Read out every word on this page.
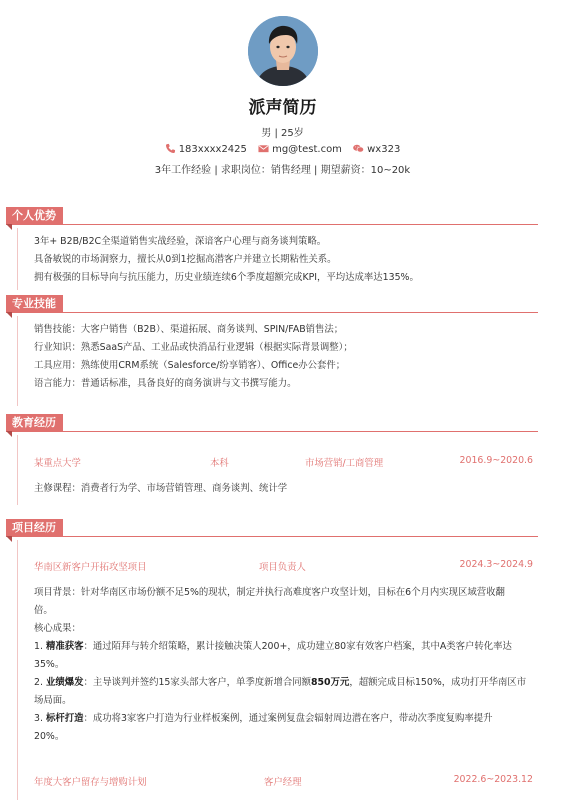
派声简历
男 | 25岁
183xxxx2425	mg@test.com	wx323
3年工作经验 | 求职岗位：销售经理 | 期望薪资：10~20k
个人优势
3年+ B2B/B2C全渠道销售实战经验，深谙客户心理与商务谈判策略。
具备敏锐的市场洞察力，擅长从0到1挖掘高潜客户并建立长期粘性关系。
拥有极强的目标导向与抗压能力，历史业绩连续6个季度超额完成KPI，平均达成率达135%。
专业技能
销售技能：大客户销售（B2B）、渠道拓展、商务谈判、SPIN/FAB销售法；
行业知识：熟悉SaaS产品、工业品或快消品行业逻辑（根据实际背景调整）；
工具应用：熟练使用CRM系统（Salesforce/纷享销客）、Office办公套件；
语言能力：普通话标准，具备良好的商务演讲与文书撰写能力。
教育经历
某重点大学	本科	市场营销/工商管理	2016.9~2020.6
主修课程：消费者行为学、市场营销管理、商务谈判、统计学
项目经历
华南区新客户开拓攻坚项目	项目负责人	2024.3~2024.9
项目背景：针对华南区市场份额不足5%的现状，制定并执行高难度客户攻坚计划，目标在6个月内实现区域营收翻
倍。
核心成果：
1. 精准获客：通过陌拜与转介绍策略，累计接触决策人200+，成功建立80家有效客户档案，其中A类客户转化率达
35%。
2. 业绩爆发：主导谈判并签约15家头部大客户，单季度新增合同额850万元，超额完成目标150%，成功打开华南区市
场局面。
3. 标杆打造：成功将3家客户打造为行业样板案例，通过案例复盘会辐射周边潜在客户，带动次季度复购率提升
20%。
年度大客户留存与增购计划	客户经理	2022.6~2023.12
